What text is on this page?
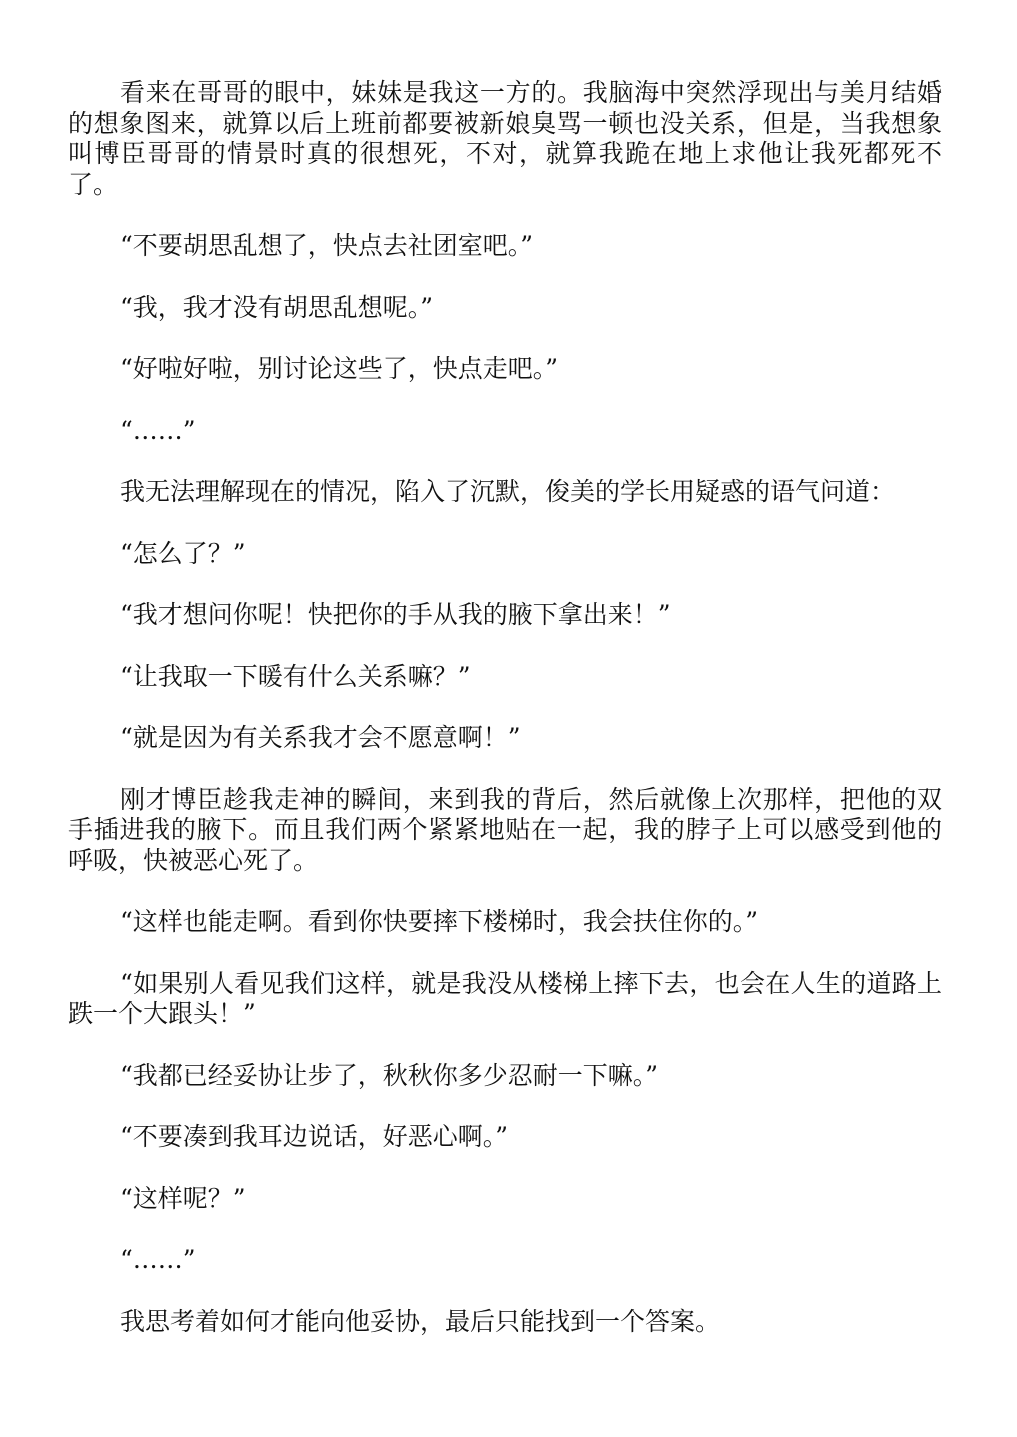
看来在哥哥的眼中，妹妹是我这一方的。我脑海中突然浮现出与美月结婚的想象图来，就算以后上班前都要被新娘臭骂一顿也没关系，但是，当我想象叫博臣哥哥的情景时真的很想死，不对，就算我跪在地上求他让我死都死不了。

“不要胡思乱想了，快点去社团室吧。”

“我，我才没有胡思乱想呢。”

“好啦好啦，别讨论这些了，快点走吧。”

“……”

我无法理解现在的情况，陷入了沉默，俊美的学长用疑惑的语气问道：

“怎么了？”

“我才想问你呢！快把你的手从我的腋下拿出来！”

“让我取一下暖有什么关系嘛？”

“就是因为有关系我才会不愿意啊！”

刚才博臣趁我走神的瞬间，来到我的背后，然后就像上次那样，把他的双手插进我的腋下。而且我们两个紧紧地贴在一起，我的脖子上可以感受到他的呼吸，快被恶心死了。

“这样也能走啊。看到你快要摔下楼梯时，我会扶住你的。”

“如果别人看见我们这样，就是我没从楼梯上摔下去，也会在人生的道路上跌一个大跟头！”

“我都已经妥协让步了，秋秋你多少忍耐一下嘛。”

“不要凑到我耳边说话，好恶心啊。”

“这样呢？”

“……”

我思考着如何才能向他妥协，最后只能找到一个答案。
